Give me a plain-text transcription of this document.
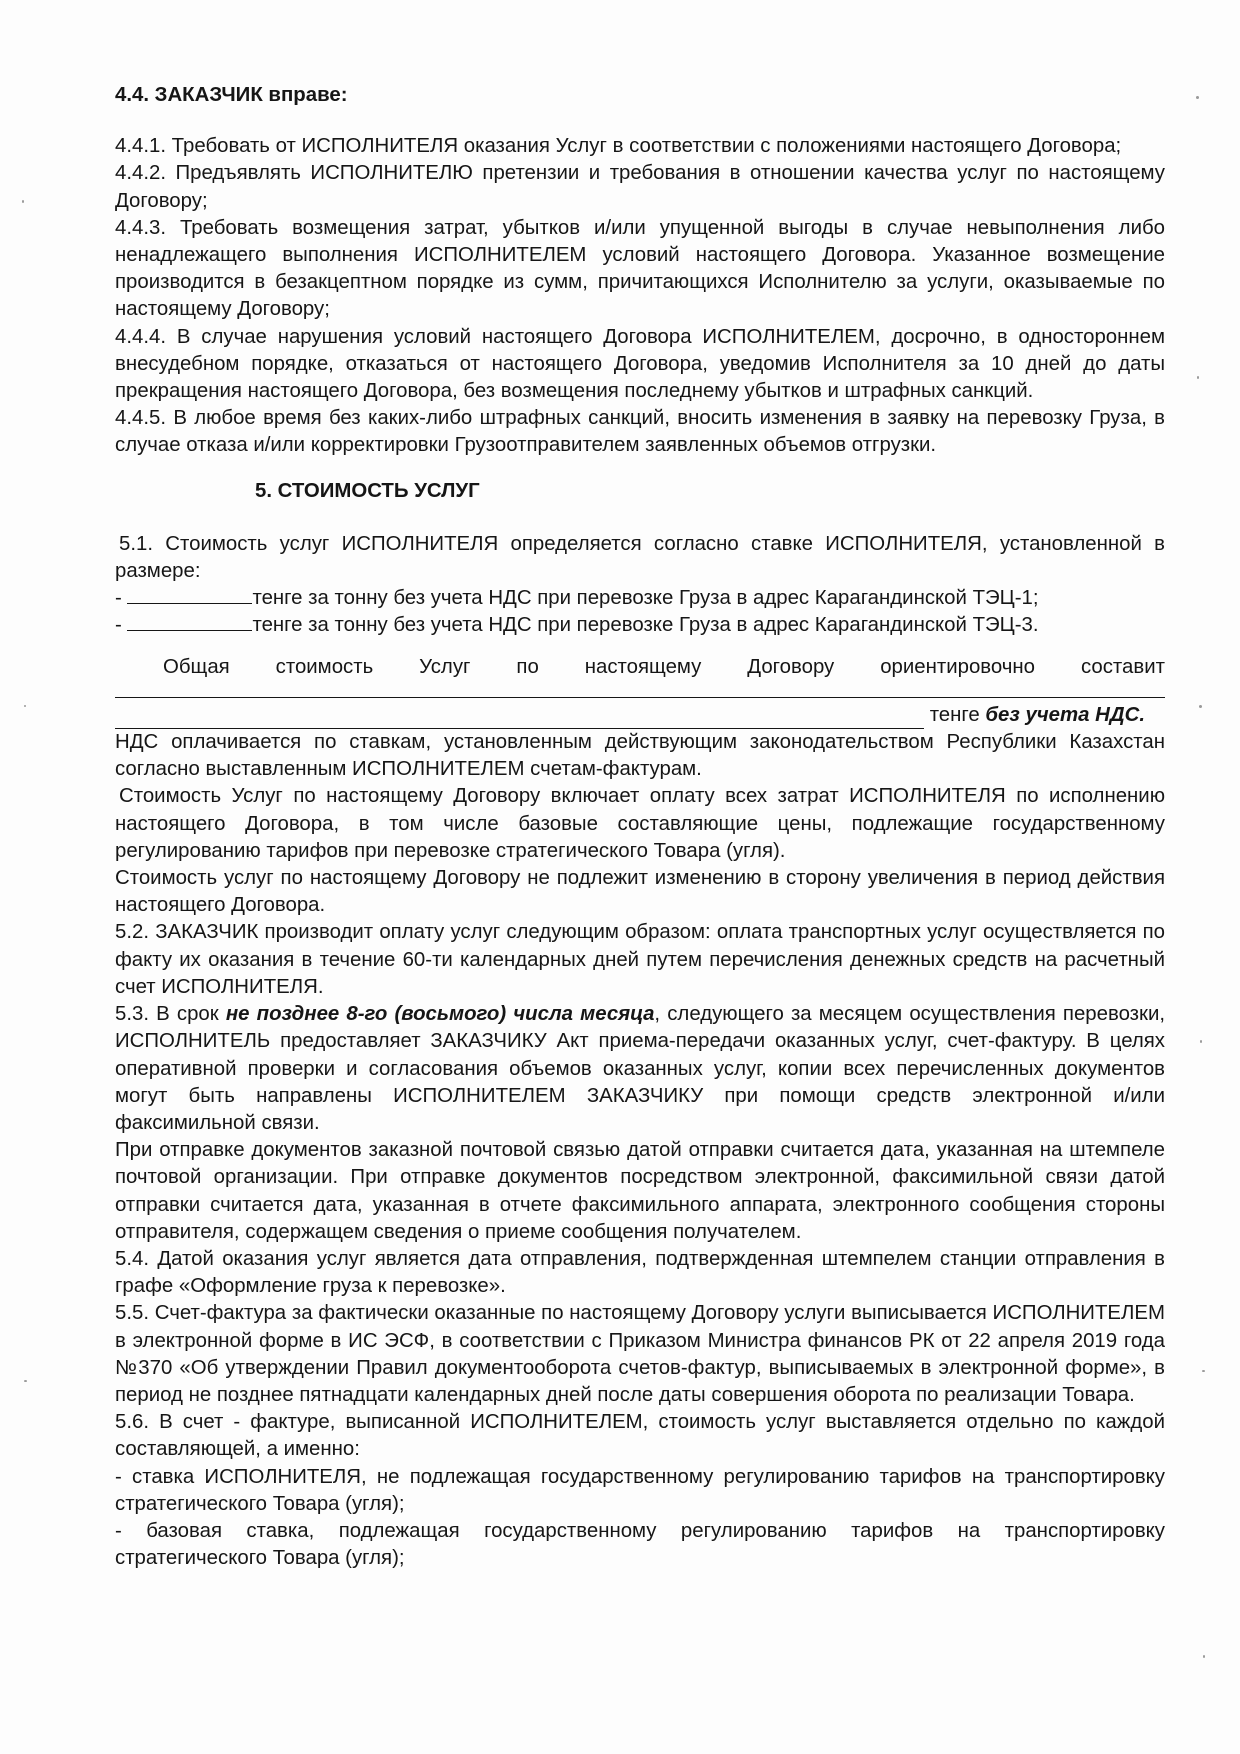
4.4. ЗАКАЗЧИК вправе:

4.4.1. Требовать от ИСПОЛНИТЕЛЯ оказания Услуг в соответствии с положениями настоящего Договора;

4.4.2. Предъявлять ИСПОЛНИТЕЛЮ претензии и требования в отношении качества услуг по настоящему Договору;

4.4.3. Требовать возмещения затрат, убытков и/или упущенной выгоды в случае невыполнения либо ненадлежащего выполнения ИСПОЛНИТЕЛЕМ условий настоящего Договора. Указанное возмещение производится в безакцептном порядке из сумм, причитающихся Исполнителю за услуги, оказываемые по настоящему Договору;

4.4.4. В случае нарушения условий настоящего Договора ИСПОЛНИТЕЛЕМ, досрочно, в одностороннем внесудебном порядке, отказаться от настоящего Договора, уведомив Исполнителя за 10 дней до даты прекращения настоящего Договора, без возмещения последнему убытков и штрафных санкций.

4.4.5. В любое время без каких-либо штрафных санкций, вносить изменения в заявку на перевозку Груза, в случае отказа и/или корректировки Грузоотправителем заявленных объемов отгрузки.

5. СТОИМОСТЬ УСЛУГ

5.1. Стоимость услуг ИСПОЛНИТЕЛЯ определяется согласно ставке ИСПОЛНИТЕЛЯ, установленной в размере:

-	тенге за тонну без учета НДС при перевозке Груза в адрес Карагандинской ТЭЦ-1;

-	тенге за тонну без учета НДС при перевозке Груза в адрес Карагандинской ТЭЦ-3.

Общая стоимость Услуг по настоящему Договору ориентировочно составит
тенге без учета НДС.

НДС оплачивается по ставкам, установленным действующим законодательством Республики Казахстан согласно выставленным ИСПОЛНИТЕЛЕМ счетам-фактурам.

Стоимость Услуг по настоящему Договору включает оплату всех затрат ИСПОЛНИТЕЛЯ по исполнению настоящего Договора, в том числе базовые составляющие цены, подлежащие государственному регулированию тарифов при перевозке стратегического Товара (угля).

Стоимость услуг по настоящему Договору не подлежит изменению в сторону увеличения в период действия настоящего Договора.

5.2. ЗАКАЗЧИК производит оплату услуг следующим образом: оплата транспортных услуг осуществляется по факту их оказания в течение 60-ти календарных дней путем перечисления денежных средств на расчетный счет ИСПОЛНИТЕЛЯ.

5.3. В срок не позднее 8-го (восьмого) числа месяца, следующего за месяцем осуществления перевозки, ИСПОЛНИТЕЛЬ предоставляет ЗАКАЗЧИКУ Акт приема-передачи оказанных услуг, счет-фактуру. В целях оперативной проверки и согласования объемов оказанных услуг, копии всех перечисленных документов могут быть направлены ИСПОЛНИТЕЛЕМ ЗАКАЗЧИКУ при помощи средств электронной и/или факсимильной связи.

При отправке документов заказной почтовой связью датой отправки считается дата, указанная на штемпеле почтовой организации. При отправке документов посредством электронной, факсимильной связи датой отправки считается дата, указанная в отчете факсимильного аппарата, электронного сообщения стороны отправителя, содержащем сведения о приеме сообщения получателем.

5.4. Датой оказания услуг является дата отправления, подтвержденная штемпелем станции отправления в графе «Оформление груза к перевозке».

5.5. Счет-фактура за фактически оказанные по настоящему Договору услуги выписывается ИСПОЛНИТЕЛЕМ в электронной форме в ИС ЭСФ, в соответствии с Приказом Министра финансов РК от 22 апреля 2019 года №370 «Об утверждении Правил документооборота счетов-фактур, выписываемых в электронной форме», в период не позднее пятнадцати календарных дней после даты совершения оборота по реализации Товара.

5.6. В счет - фактуре, выписанной ИСПОЛНИТЕЛЕМ, стоимость услуг выставляется отдельно по каждой составляющей, а именно:

- ставка ИСПОЛНИТЕЛЯ, не подлежащая государственному регулированию тарифов на транспортировку стратегического Товара (угля);

- базовая ставка, подлежащая государственному регулированию тарифов на транспортировку стратегического Товара (угля);
